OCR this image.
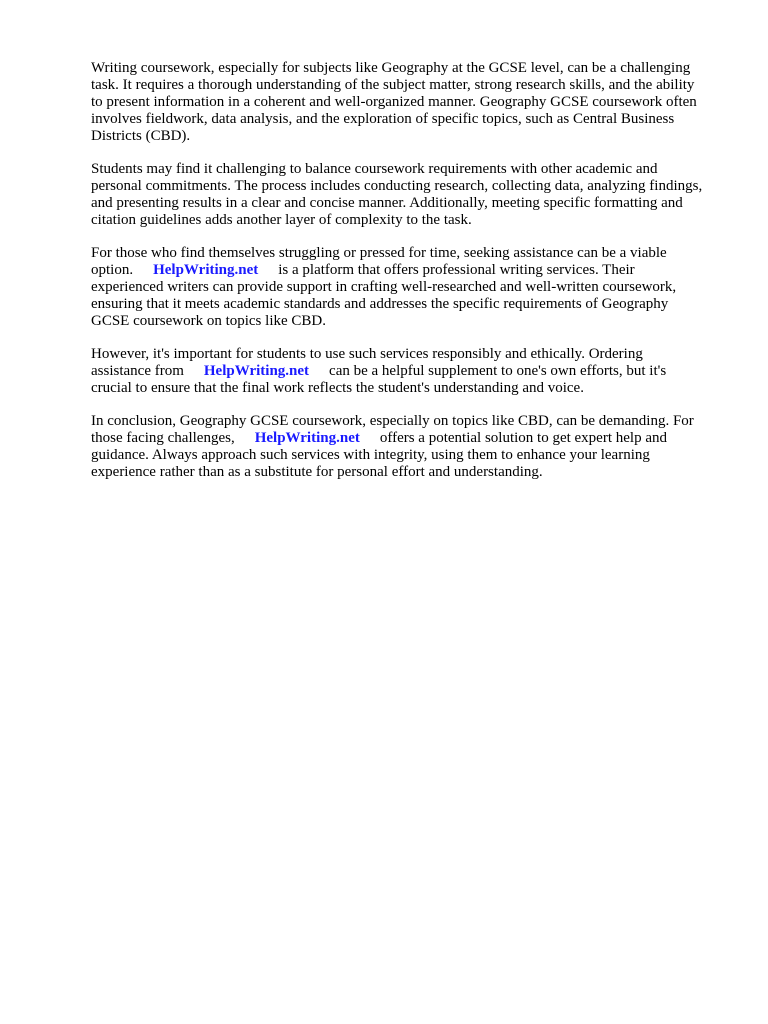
Writing coursework, especially for subjects like Geography at the GCSE level, can be a challenging
task. It requires a thorough understanding of the subject matter, strong research skills, and the ability
to present information in a coherent and well-organized manner. Geography GCSE coursework often
involves fieldwork, data analysis, and the exploration of specific topics, such as Central Business
Districts (CBD).

Students may find it challenging to balance coursework requirements with other academic and
personal commitments. The process includes conducting research, collecting data, analyzing findings,
and presenting results in a clear and concise manner. Additionally, meeting specific formatting and
citation guidelines adds another layer of complexity to the task.

For those who find themselves struggling or pressed for time, seeking assistance can be a viable
option. HelpWriting.net is a platform that offers professional writing services. Their
experienced writers can provide support in crafting well-researched and well-written coursework,
ensuring that it meets academic standards and addresses the specific requirements of Geography
GCSE coursework on topics like CBD.

However, it's important for students to use such services responsibly and ethically. Ordering
assistance from HelpWriting.net can be a helpful supplement to one's own efforts, but it's
crucial to ensure that the final work reflects the student's understanding and voice.

In conclusion, Geography GCSE coursework, especially on topics like CBD, can be demanding. For
those facing challenges, HelpWriting.net offers a potential solution to get expert help and
guidance. Always approach such services with integrity, using them to enhance your learning
experience rather than as a substitute for personal effort and understanding.
